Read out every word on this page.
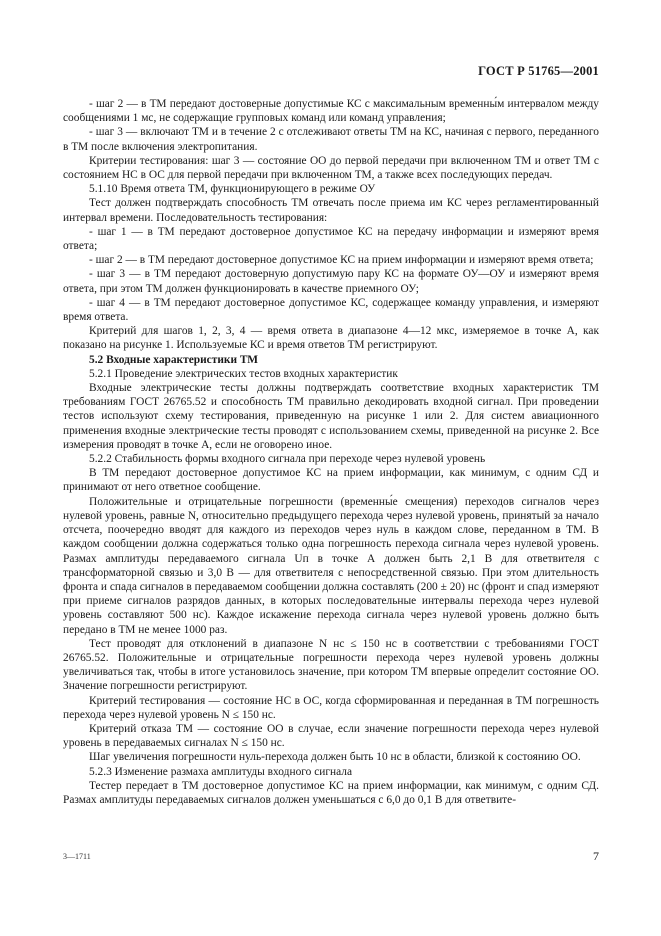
ГОСТ Р 51765—2001

- шаг 2 — в ТМ передают достоверные допустимые КС с максимальным временны́м интервалом между сообщениями 1 мс, не содержащие групповых команд или команд управления;

- шаг 3 — включают ТМ и в течение 2 с отслеживают ответы ТМ на КС, начиная с первого, переданного в ТМ после включения электропитания.

Критерии тестирования: шаг 3 — состояние ОО до первой передачи при включенном ТМ и ответ ТМ с состоянием НС в ОС для первой передачи при включенном ТМ, а также всех последующих передач.

5.1.10 Время ответа ТМ, функционирующего в режиме ОУ

Тест должен подтверждать способность ТМ отвечать после приема им КС через регламентированный интервал времени. Последовательность тестирования:

- шаг 1 — в ТМ передают достоверное допустимое КС на передачу информации и измеряют время ответа;

- шаг 2 — в ТМ передают достоверное допустимое КС на прием информации и измеряют время ответа;

- шаг 3 — в ТМ передают достоверную допустимую пару КС на формате ОУ—ОУ и измеряют время ответа, при этом ТМ должен функционировать в качестве приемного ОУ;

- шаг 4 — в ТМ передают достоверное допустимое КС, содержащее команду управления, и измеряют время ответа.

Критерий для шагов 1, 2, 3, 4 — время ответа в диапазоне 4—12 мкс, измеряемое в точке А, как показано на рисунке 1. Используемые КС и время ответов ТМ регистрируют.

5.2 Входные характеристики ТМ

5.2.1 Проведение электрических тестов входных характеристик

Входные электрические тесты должны подтверждать соответствие входных характеристик ТМ требованиям ГОСТ 26765.52 и способность ТМ правильно декодировать входной сигнал. При проведении тестов используют схему тестирования, приведенную на рисунке 1 или 2. Для систем авиационного применения входные электрические тесты проводят с использованием схемы, приведенной на рисунке 2. Все измерения проводят в точке А, если не оговорено иное.

5.2.2 Стабильность формы входного сигнала при переходе через нулевой уровень

В ТМ передают достоверное допустимое КС на прием информации, как минимум, с одним СД и принимают от него ответное сообщение.

Положительные и отрицательные погрешности (временны́е смещения) переходов сигналов через нулевой уровень, равные N, относительно предыдущего перехода через нулевой уровень, принятый за начало отсчета, поочередно вводят для каждого из переходов через нуль в каждом слове, переданном в ТМ. В каждом сообщении должна содержаться только одна погрешность перехода сигнала через нулевой уровень. Размах амплитуды передаваемого сигнала Uп в точке А должен быть 2,1 В для ответвителя с трансформаторной связью и 3,0 В — для ответвителя с непосредственной связью. При этом длительность фронта и спада сигналов в передаваемом сообщении должна составлять (200 ± 20) нс (фронт и спад измеряют при приеме сигналов разрядов данных, в которых последовательные интервалы перехода через нулевой уровень составляют 500 нс). Каждое искажение перехода сигнала через нулевой уровень должно быть передано в ТМ не менее 1000 раз.

Тест проводят для отклонений в диапазоне N нс ≤ 150 нс в соответствии с требованиями ГОСТ 26765.52. Положительные и отрицательные погрешности перехода через нулевой уровень должны увеличиваться так, чтобы в итоге установилось значение, при котором ТМ впервые определит состояние ОО. Значение погрешности регистрируют.

Критерий тестирования — состояние НС в ОС, когда сформированная и переданная в ТМ погрешность перехода через нулевой уровень N ≤ 150 нс.

Критерий отказа ТМ — состояние ОО в случае, если значение погрешности перехода через нулевой уровень в передаваемых сигналах N ≤ 150 нс.

Шаг увеличения погрешности нуль-перехода должен быть 10 нс в области, близкой к состоянию ОО.

5.2.3 Изменение размаха амплитуды входного сигнала

Тестер передает в ТМ достоверное допустимое КС на прием информации, как минимум, с одним СД. Размах амплитуды передаваемых сигналов должен уменьшаться с 6,0 до 0,1 В для ответвите-

3—1711	7
